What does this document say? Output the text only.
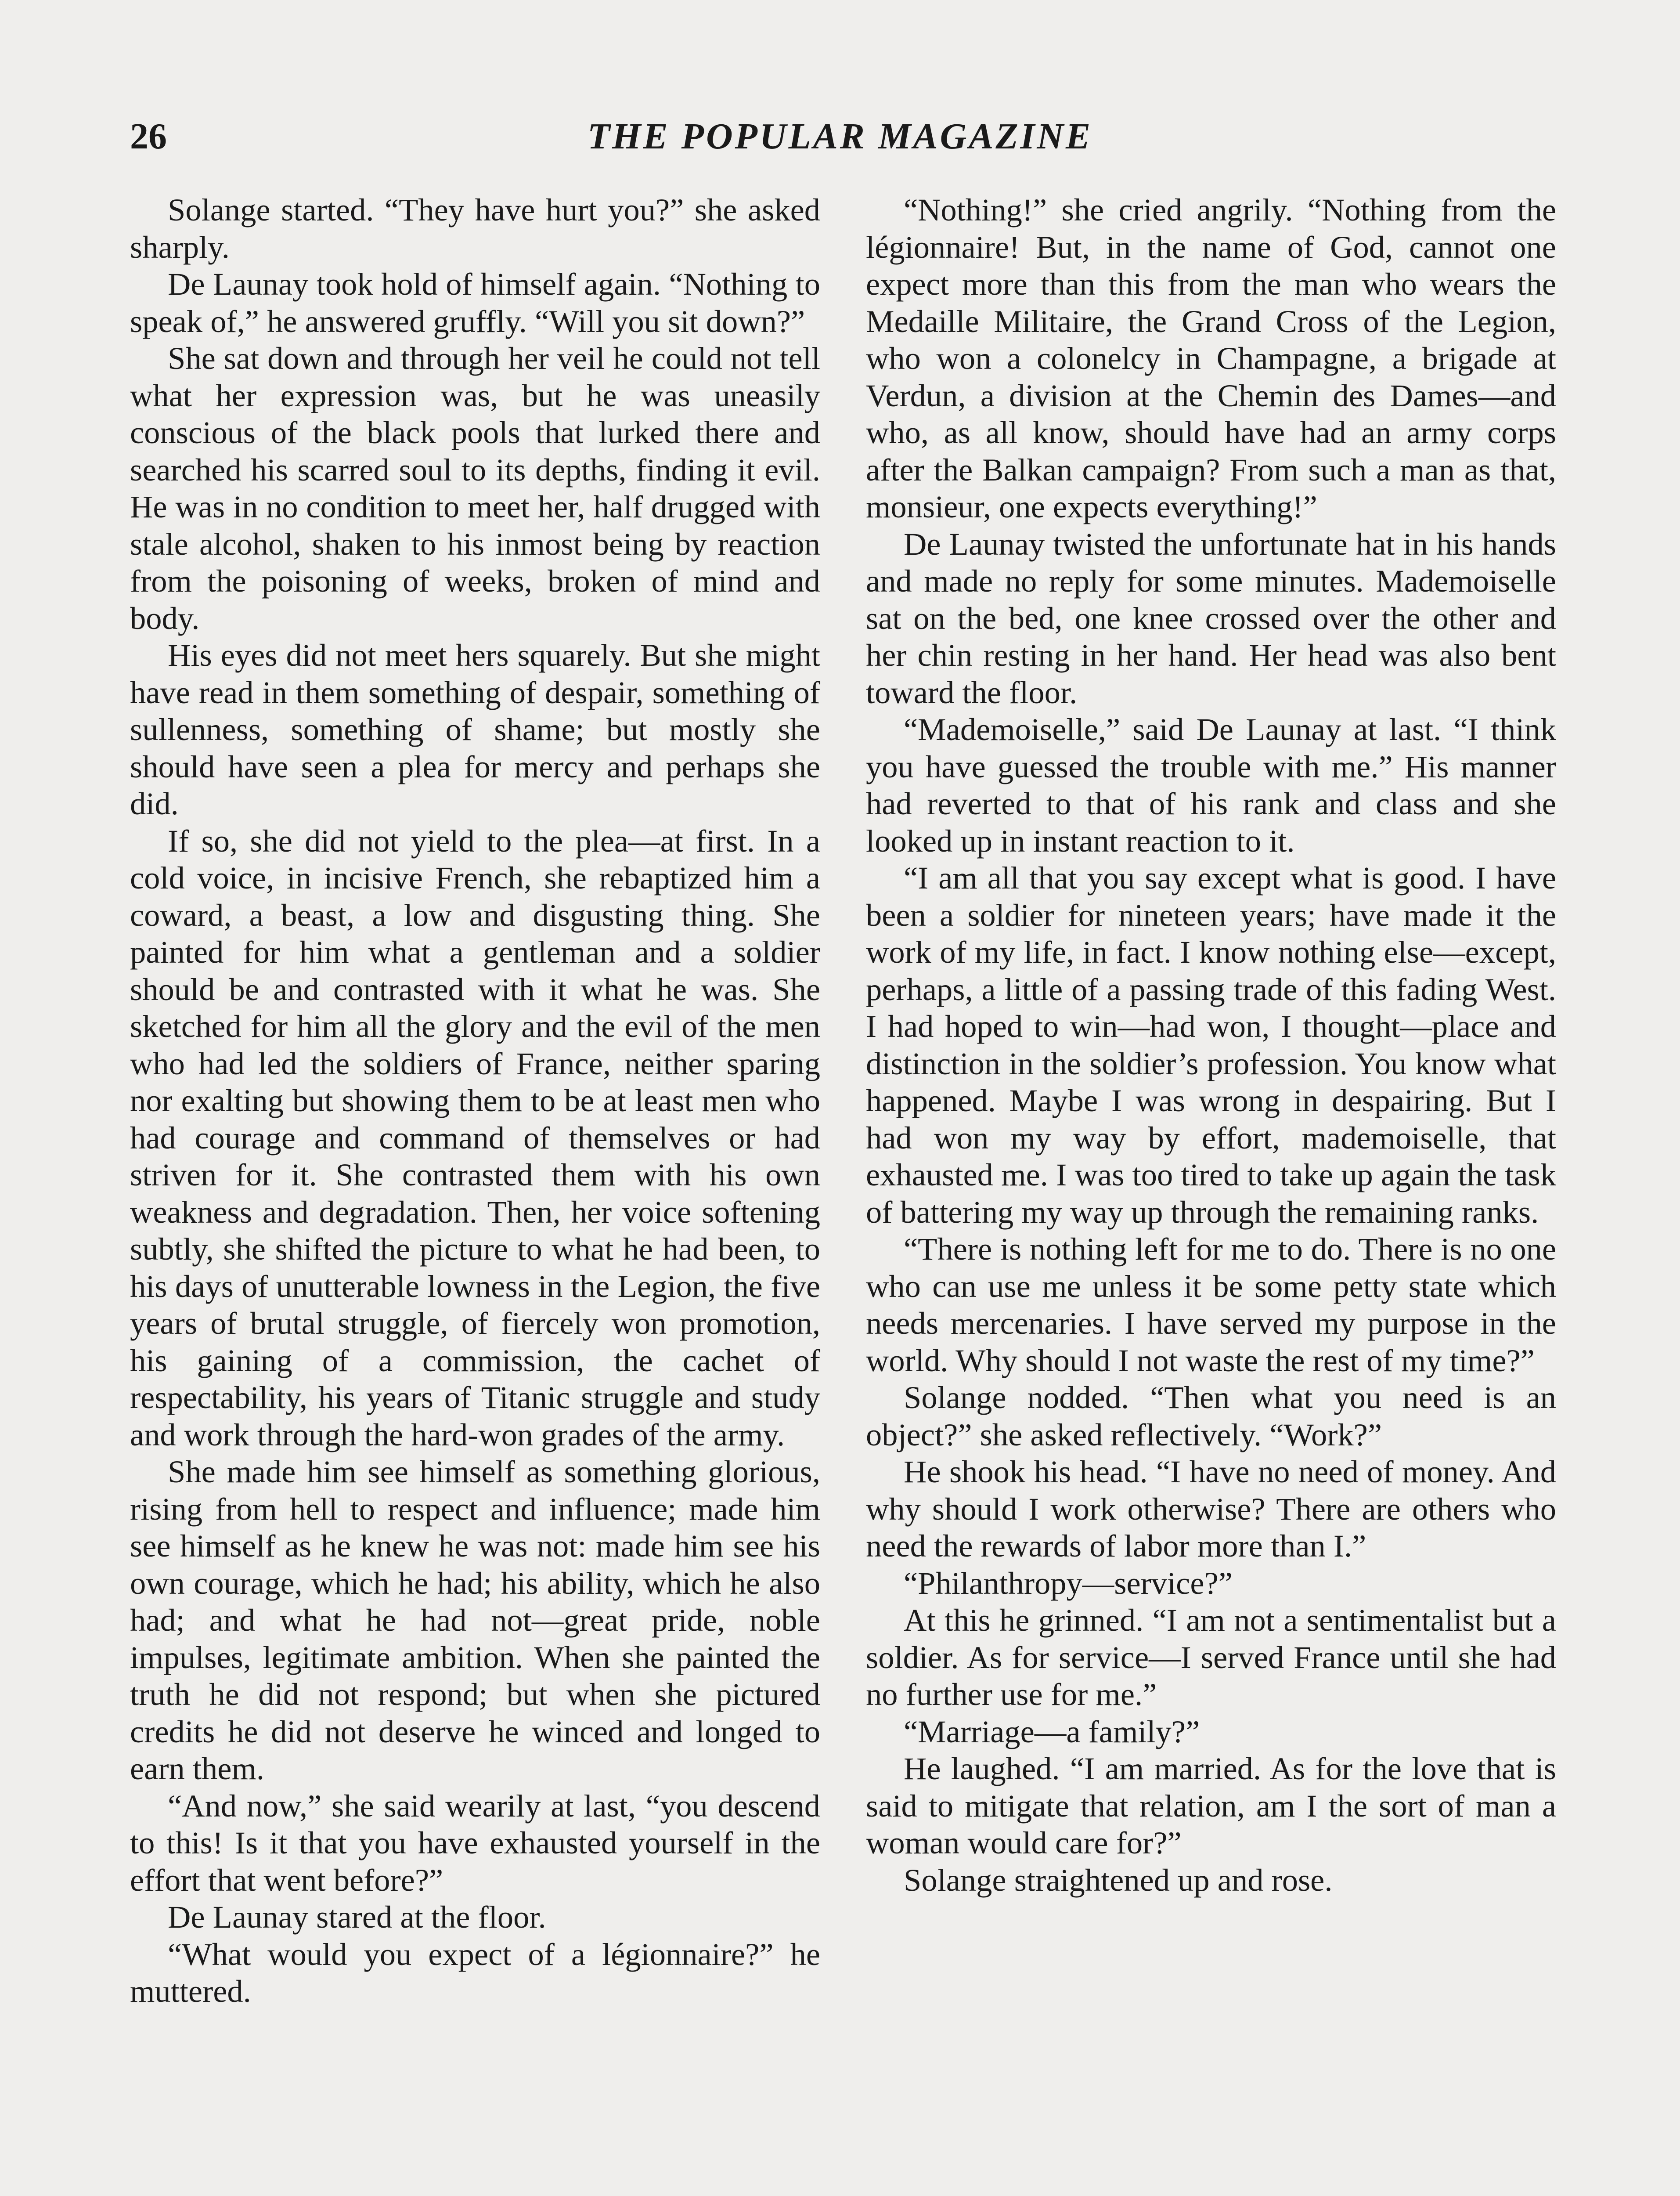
26	THE POPULAR MAGAZINE

Solange started. “They have hurt you?” she asked sharply.

De Launay took hold of himself again. “Nothing to speak of,” he answered gruffly. “Will you sit down?”

She sat down and through her veil he could not tell what her expression was, but he was uneasily conscious of the black pools that lurked there and searched his scarred soul to its depths, finding it evil. He was in no condition to meet her, half drugged with stale alcohol, shaken to his inmost being by reaction from the poisoning of weeks, broken of mind and body.

His eyes did not meet hers squarely. But she might have read in them something of despair, something of sullenness, something of shame; but mostly she should have seen a plea for mercy and perhaps she did.

If so, she did not yield to the plea—at first. In a cold voice, in incisive French, she rebaptized him a coward, a beast, a low and disgusting thing. She painted for him what a gentleman and a soldier should be and contrasted with it what he was. She sketched for him all the glory and the evil of the men who had led the soldiers of France, neither sparing nor exalting but showing them to be at least men who had courage and command of themselves or had striven for it. She contrasted them with his own weakness and degradation. Then, her voice softening subtly, she shifted the picture to what he had been, to his days of unutterable lowness in the Legion, the five years of brutal struggle, of fiercely won promotion, his gaining of a commission, the cachet of respectability, his years of Titanic struggle and study and work through the hard-won grades of the army.

She made him see himself as something glorious, rising from hell to respect and influence; made him see himself as he knew he was not: made him see his own courage, which he had; his ability, which he also had; and what he had not—great pride, noble impulses, legitimate ambition. When she painted the truth he did not respond; but when she pictured credits he did not deserve he winced and longed to earn them.

“And now,” she said wearily at last, “you descend to this! Is it that you have exhausted yourself in the effort that went before?”

De Launay stared at the floor.

“What would you expect of a légionnaire?” he muttered.

“Nothing!” she cried angrily. “Nothing from the légionnaire! But, in the name of God, cannot one expect more than this from the man who wears the Medaille Militaire, the Grand Cross of the Legion, who won a colonelcy in Champagne, a brigade at Verdun, a division at the Chemin des Dames—and who, as all know, should have had an army corps after the Balkan campaign? From such a man as that, monsieur, one expects everything!”

De Launay twisted the unfortunate hat in his hands and made no reply for some minutes. Mademoiselle sat on the bed, one knee crossed over the other and her chin resting in her hand. Her head was also bent toward the floor.

“Mademoiselle,” said De Launay at last. “I think you have guessed the trouble with me.” His manner had reverted to that of his rank and class and she looked up in instant reaction to it.

“I am all that you say except what is good. I have been a soldier for nineteen years; have made it the work of my life, in fact. I know nothing else—except, perhaps, a little of a passing trade of this fading West. I had hoped to win—had won, I thought—place and distinction in the soldier’s profession. You know what happened. Maybe I was wrong in despairing. But I had won my way by effort, mademoiselle, that exhausted me. I was too tired to take up again the task of battering my way up through the remaining ranks.

“There is nothing left for me to do. There is no one who can use me unless it be some petty state which needs mercenaries. I have served my purpose in the world. Why should I not waste the rest of my time?”

Solange nodded. “Then what you need is an object?” she asked reflectively. “Work?”

He shook his head. “I have no need of money. And why should I work otherwise? There are others who need the rewards of labor more than I.”

“Philanthropy—service?”

At this he grinned. “I am not a sentimentalist but a soldier. As for service—I served France until she had no further use for me.”

“Marriage—a family?”

He laughed. “I am married. As for the love that is said to mitigate that relation, am I the sort of man a woman would care for?”

Solange straightened up and rose.
